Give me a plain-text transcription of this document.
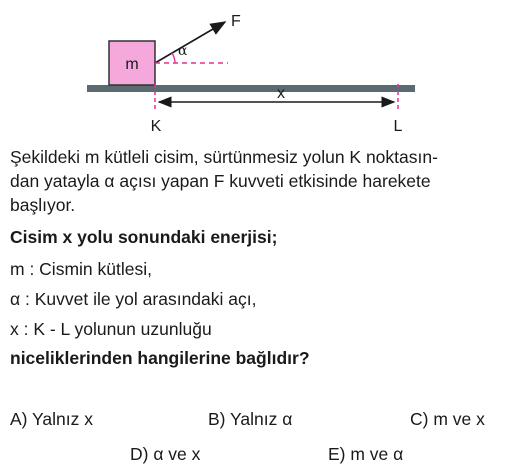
m
F
α
x
K	L
Şekildeki m kütleli cisim, sürtünmesiz yolun K noktasın-
dan yatayla α açısı yapan F kuvveti etkisinde harekete
başlıyor.
Cisim x yolu sonundaki enerjisi;
m : Cismin kütlesi,
α : Kuvvet ile yol arasındaki açı,
x : K - L yolunun uzunluğu
niceliklerinden hangilerine bağlıdır?
A) Yalnız x	B) Yalnız α	C) m ve x
D) α ve x	E) m ve α
